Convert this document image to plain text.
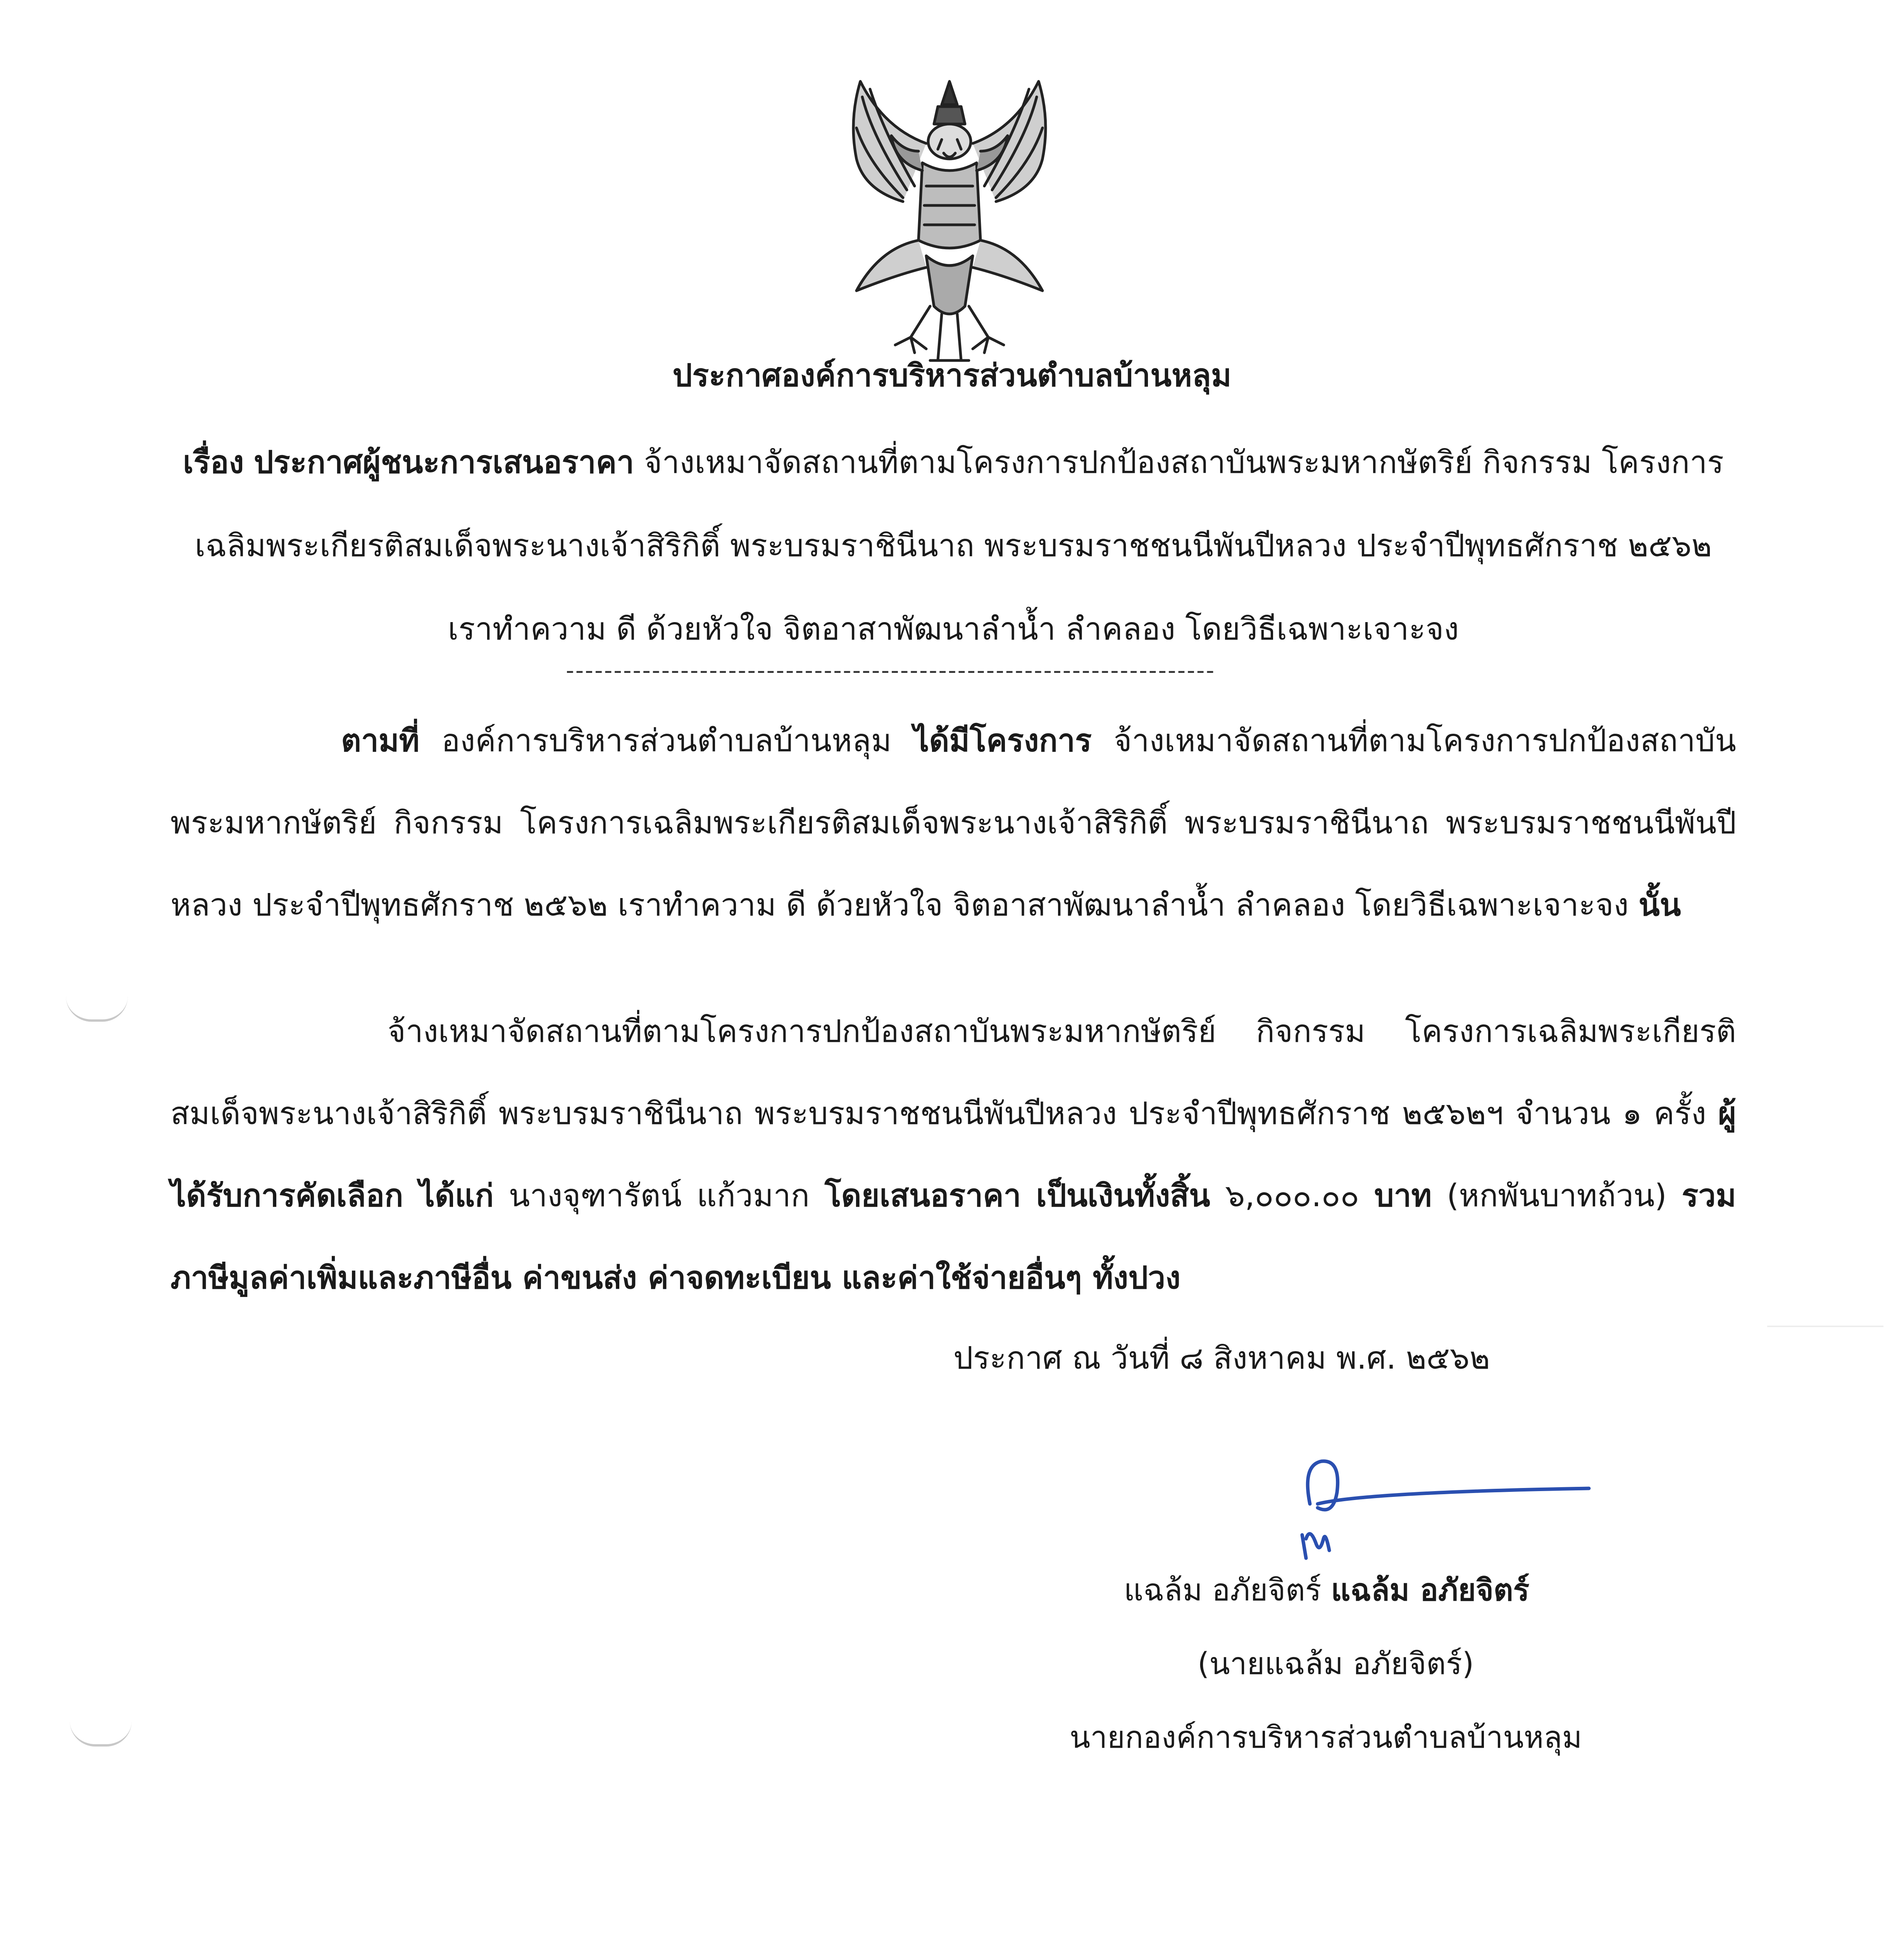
ประกาศองค์การบริหารส่วนตำบลบ้านหลุม
เรื่อง ประกาศผู้ชนะการเสนอราคา จ้างเหมาจัดสถานที่ตามโครงการปกป้องสถาบันพระมหากษัตริย์ กิจกรรม โครงการเฉลิมพระเกียรติสมเด็จพระนางเจ้าสิริกิติ์ พระบรมราชินีนาถ พระบรมราชชนนีพันปีหลวง ประจำปีพุทธศักราช ๒๕๖๒ เราทำความ ดี ด้วยหัวใจ จิตอาสาพัฒนาลำน้ำ ลำคลอง โดยวิธีเฉพาะเจาะจง
--------------------------------------------------------------------
ตามที่ องค์การบริหารส่วนตำบลบ้านหลุม ได้มีโครงการ จ้างเหมาจัดสถานที่ตามโครงการปกป้องสถาบันพระมหากษัตริย์ กิจกรรม โครงการเฉลิมพระเกียรติสมเด็จพระนางเจ้าสิริกิติ์ พระบรมราชินีนาถ พระบรมราชชนนีพันปีหลวง ประจำปีพุทธศักราช ๒๕๖๒ เราทำความ ดี ด้วยหัวใจ จิตอาสาพัฒนาลำน้ำ ลำคลอง โดยวิธีเฉพาะเจาะจง นั้น
จ้างเหมาจัดสถานที่ตามโครงการปกป้องสถาบันพระมหากษัตริย์ กิจกรรม โครงการเฉลิมพระเกียรติสมเด็จพระนางเจ้าสิริกิติ์ พระบรมราชินีนาถ พระบรมราชชนนีพันปีหลวง ประจำปีพุทธศักราช ๒๕๖๒ฯ จำนวน ๑ ครั้ง ผู้ได้รับการคัดเลือก ได้แก่ นางจุฑารัตน์ แก้วมาก โดยเสนอราคา เป็นเงินทั้งสิ้น ๖,๐๐๐.๐๐ บาท (หกพันบาทถ้วน) รวมภาษีมูลค่าเพิ่มและภาษีอื่น ค่าขนส่ง ค่าจดทะเบียน และค่าใช้จ่ายอื่นๆ ทั้งปวง
ประกาศ ณ วันที่ ๘ สิงหาคม พ.ศ. ๒๕๖๒
แฉล้ม อภัยจิตร์ แฉล้ม อภัยจิตร์
(นายแฉล้ม อภัยจิตร์)
นายกองค์การบริหารส่วนตำบลบ้านหลุม
